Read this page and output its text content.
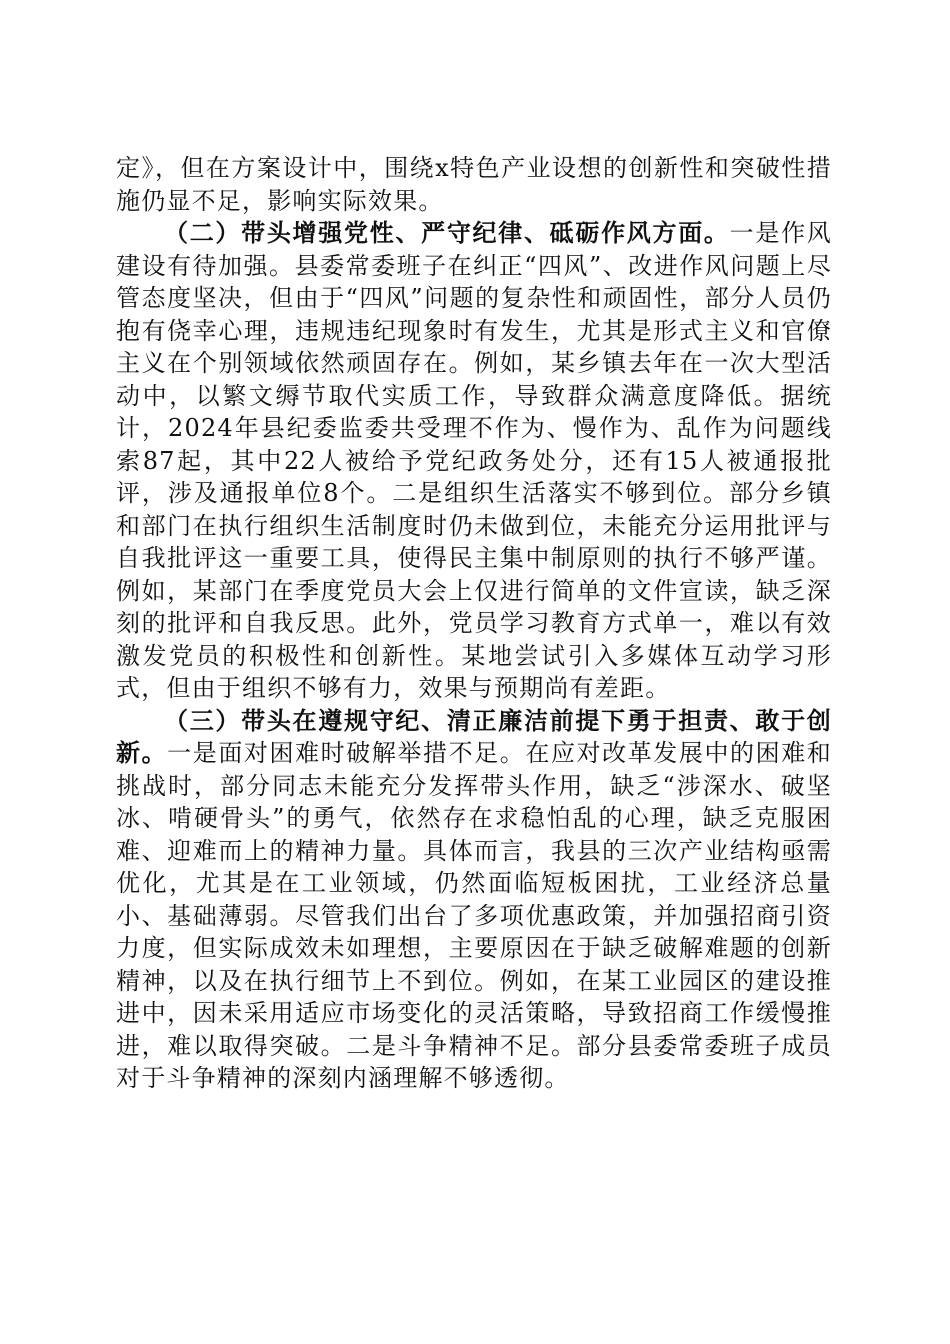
定》，但在方案设计中，围绕x特色产业设想的创新性和突破性措施仍显不足，影响实际效果。

（二）带头增强党性、严守纪律、砥砺作风方面。一是作风建设有待加强。县委常委班子在纠正“四风”、改进作风问题上尽管态度坚决，但由于“四风”问题的复杂性和顽固性，部分人员仍抱有侥幸心理，违规违纪现象时有发生，尤其是形式主义和官僚主义在个别领域依然顽固存在。例如，某乡镇去年在一次大型活动中，以繁文缛节取代实质工作，导致群众满意度降低。据统计，2024年县纪委监委共受理不作为、慢作为、乱作为问题线索87起，其中22人被给予党纪政务处分，还有15人被通报批评，涉及通报单位8个。二是组织生活落实不够到位。部分乡镇和部门在执行组织生活制度时仍未做到位，未能充分运用批评与自我批评这一重要工具，使得民主集中制原则的执行不够严谨。例如，某部门在季度党员大会上仅进行简单的文件宣读，缺乏深刻的批评和自我反思。此外，党员学习教育方式单一，难以有效激发党员的积极性和创新性。某地尝试引入多媒体互动学习形式，但由于组织不够有力，效果与预期尚有差距。

（三）带头在遵规守纪、清正廉洁前提下勇于担责、敢于创新。一是面对困难时破解举措不足。在应对改革发展中的困难和挑战时，部分同志未能充分发挥带头作用，缺乏“涉深水、破坚冰、啃硬骨头”的勇气，依然存在求稳怕乱的心理，缺乏克服困难、迎难而上的精神力量。具体而言，我县的三次产业结构亟需优化，尤其是在工业领域，仍然面临短板困扰，工业经济总量小、基础薄弱。尽管我们出台了多项优惠政策，并加强招商引资力度，但实际成效未如理想，主要原因在于缺乏破解难题的创新精神，以及在执行细节上不到位。例如，在某工业园区的建设推进中，因未采用适应市场变化的灵活策略，导致招商工作缓慢推进，难以取得突破。二是斗争精神不足。部分县委常委班子成员对于斗争精神的深刻内涵理解不够透彻。
